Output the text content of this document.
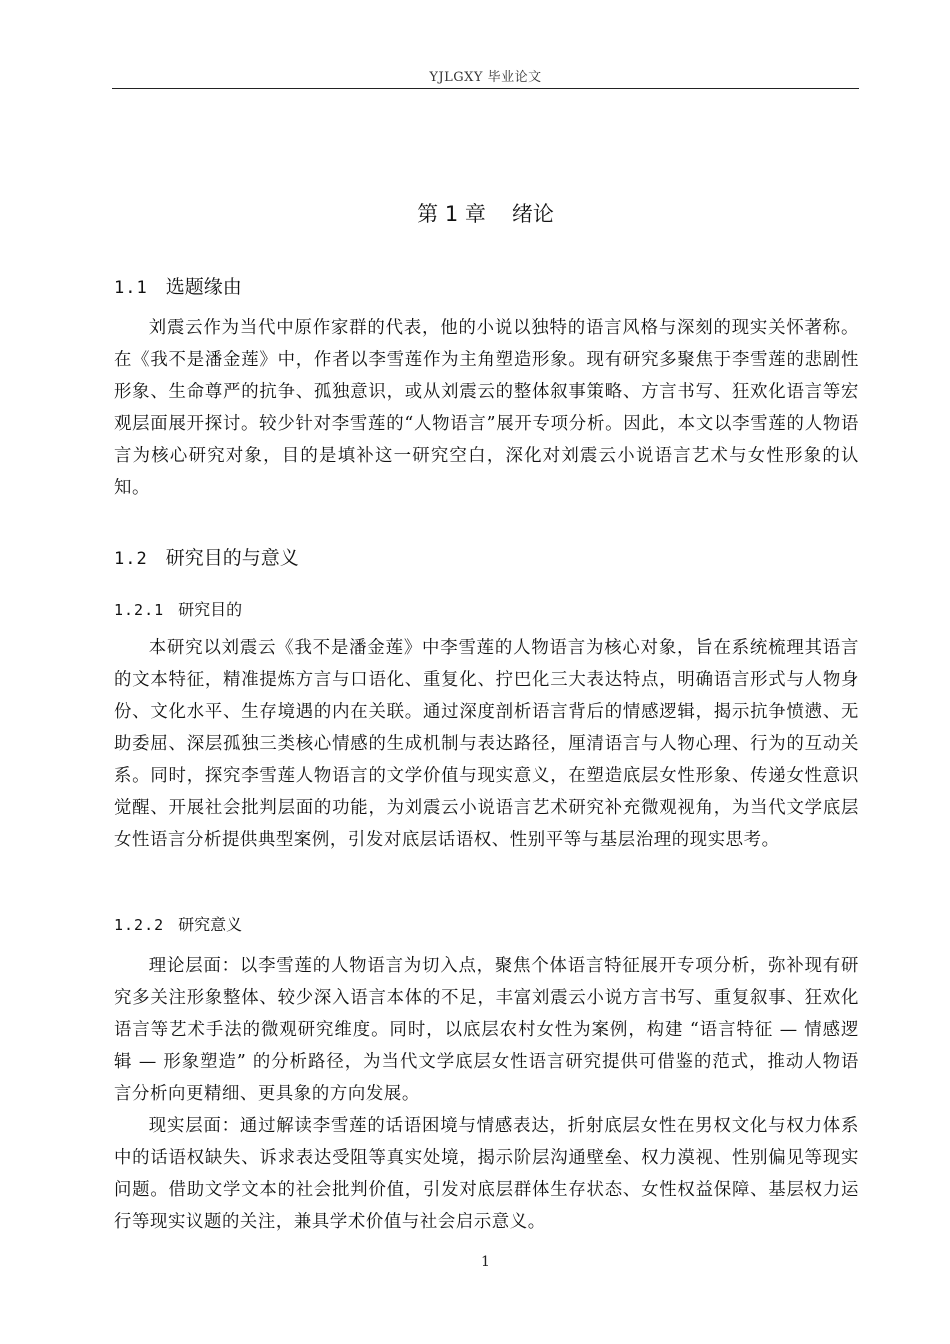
YJLGXY 毕业论文
第 1 章 绪论
1.1 选题缘由

刘震云作为当代中原作家群的代表，他的小说以独特的语言风格与深刻的现实关怀著称。在《我不是潘金莲》中，作者以李雪莲作为主角塑造形象。现有研究多聚焦于李雪莲的悲剧性形象、生命尊严的抗争、孤独意识，或从刘震云的整体叙事策略、方言书写、狂欢化语言等宏观层面展开探讨。较少针对李雪莲的“人物语言”展开专项分析。因此，本文以李雪莲的人物语言为核心研究对象，目的是填补这一研究空白，深化对刘震云小说语言艺术与女性形象的认知。

1.2 研究目的与意义
1.2.1 研究目的

本研究以刘震云《我不是潘金莲》中李雪莲的人物语言为核心对象，旨在系统梳理其语言的文本特征，精准提炼方言与口语化、重复化、拧巴化三大表达特点，明确语言形式与人物身份、文化水平、生存境遇的内在关联。通过深度剖析语言背后的情感逻辑，揭示抗争愤懑、无助委屈、深层孤独三类核心情感的生成机制与表达路径，厘清语言与人物心理、行为的互动关系。同时，探究李雪莲人物语言的文学价值与现实意义，在塑造底层女性形象、传递女性意识觉醒、开展社会批判层面的功能，为刘震云小说语言艺术研究补充微观视角，为当代文学底层女性语言分析提供典型案例，引发对底层话语权、性别平等与基层治理的现实思考。

1.2.2 研究意义

理论层面：以李雪莲的人物语言为切入点，聚焦个体语言特征展开专项分析，弥补现有研究多关注形象整体、较少深入语言本体的不足，丰富刘震云小说方言书写、重复叙事、狂欢化语言等艺术手法的微观研究维度。同时，以底层农村女性为案例，构建 “语言特征 — 情感逻辑 — 形象塑造” 的分析路径，为当代文学底层女性语言研究提供可借鉴的范式，推动人物语言分析向更精细、更具象的方向发展。

现实层面：通过解读李雪莲的话语困境与情感表达，折射底层女性在男权文化与权力体系中的话语权缺失、诉求表达受阻等真实处境，揭示阶层沟通壁垒、权力漠视、性别偏见等现实问题。借助文学文本的社会批判价值，引发对底层群体生存状态、女性权益保障、基层权力运行等现实议题的关注，兼具学术价值与社会启示意义。

1
